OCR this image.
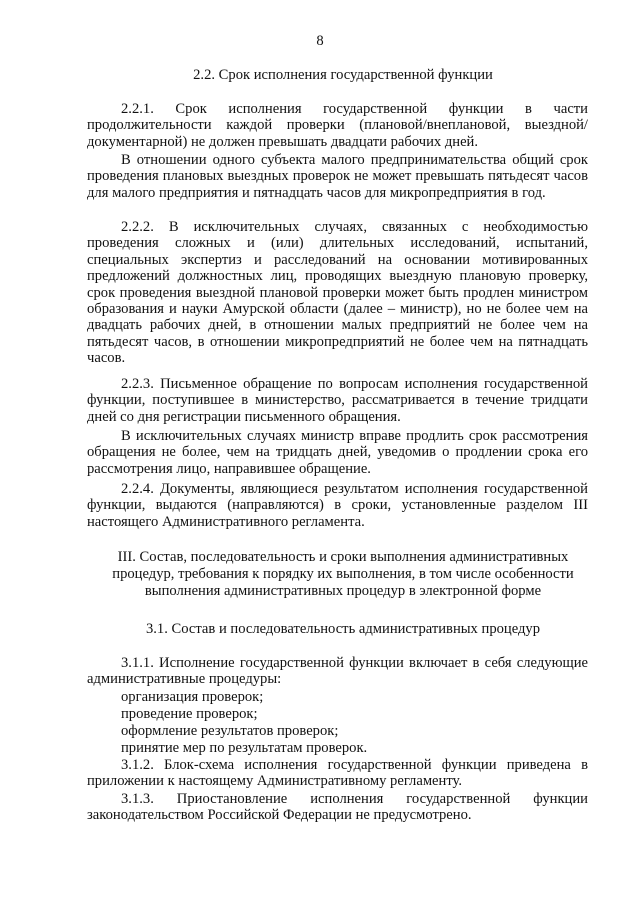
8
2.2. Срок исполнения государственной функции
2.2.1. Срок исполнения государственной функции в части продолжительности каждой проверки (плановой/внеплановой, выездной/документарной) не должен превышать двадцати рабочих дней.
В отношении одного субъекта малого предпринимательства общий срок проведения плановых выездных проверок не может превышать пятьдесят часов для малого предприятия и пятнадцать часов для микропредприятия в год.
2.2.2. В исключительных случаях, связанных с необходимостью проведения сложных и (или) длительных исследований, испытаний, специальных экспертиз и расследований на основании мотивированных предложений должностных лиц, проводящих выездную плановую проверку, срок проведения выездной плановой проверки может быть продлен министром образования и науки Амурской области (далее – министр), но не более чем на двадцать рабочих дней, в отношении малых предприятий не более чем на пятьдесят часов, в отношении микропредприятий не более чем на пятнадцать часов.
2.2.3. Письменное обращение по вопросам исполнения государственной функции, поступившее в министерство, рассматривается в течение тридцати дней со дня регистрации письменного обращения.
В исключительных случаях министр вправе продлить срок рассмотрения обращения не более, чем на тридцать дней, уведомив о продлении срока его рассмотрения лицо, направившее обращение.
2.2.4. Документы, являющиеся результатом исполнения государственной функции, выдаются (направляются) в сроки, установленные разделом III настоящего Административного регламента.
III. Состав, последовательность и сроки выполнения административных
процедур, требования к порядку их выполнения, в том числе особенности
выполнения административных процедур в электронной форме
3.1. Состав и последовательность административных процедур
3.1.1. Исполнение государственной функции включает в себя следующие административные процедуры:
организация проверок;
проведение проверок;
оформление результатов проверок;
принятие мер по результатам проверок.
3.1.2. Блок-схема исполнения государственной функции приведена в приложении к настоящему Административному регламенту.
3.1.3. Приостановление исполнения государственной функции законодательством Российской Федерации не предусмотрено.
